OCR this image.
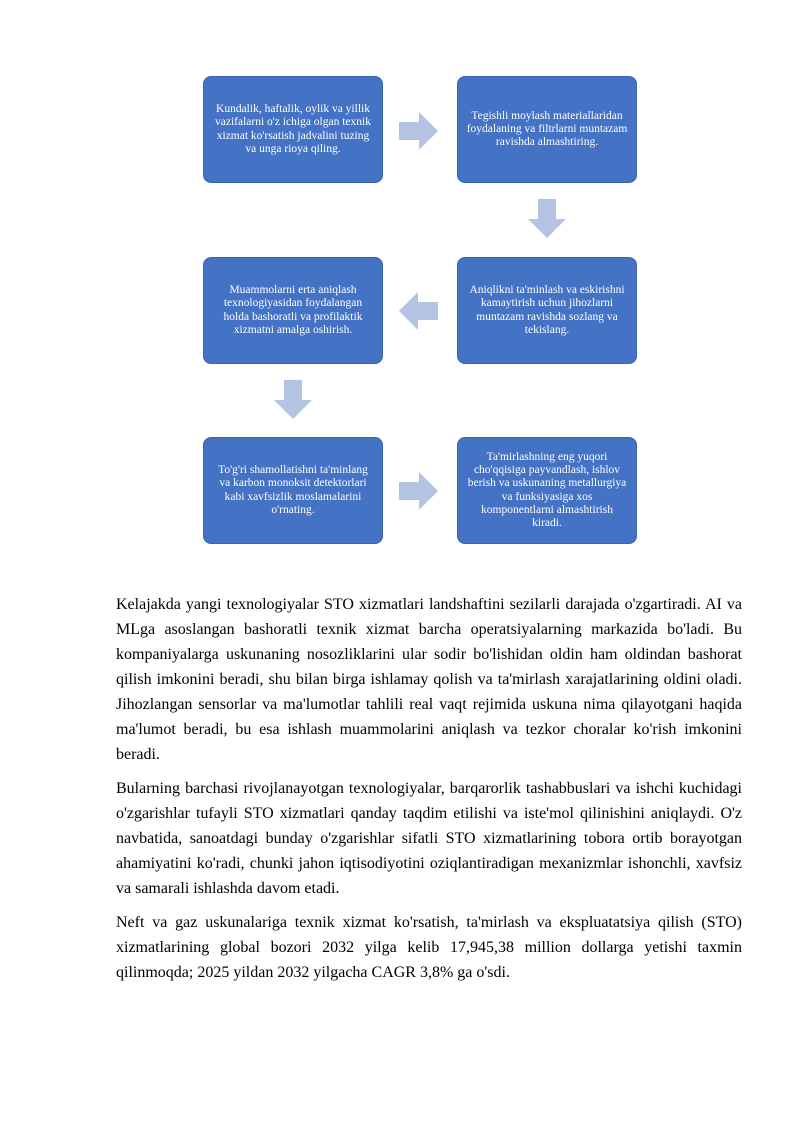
Kundalik, haftalik, oylik va yillik vazifalarni o'z ichiga olgan texnik xizmat ko'rsatish jadvalini tuzing va unga rioya qiling.
Tegishli moylash materiallaridan foydalaning va filtrlarni muntazam ravishda almashtiring.
Aniqlikni ta'minlash va eskirishni kamaytirish uchun jihozlarni muntazam ravishda sozlang va tekislang.
Muammolarni erta aniqlash texnologiyasidan foydalangan holda bashoratli va profilaktik xizmatni amalga oshirish.
To'g'ri shamollatishni ta'minlang va karbon monoksit detektorlari kabi xavfsizlik moslamalarini o'rnating.
Ta'mirlashning eng yuqori cho'qqisiga payvandlash, ishlov berish va uskunaning metallurgiya va funksiyasiga xos komponentlarni almashtirish kiradi.

Kelajakda yangi texnologiyalar STO xizmatlari landshaftini sezilarli darajada o'zgartiradi. AI va MLga asoslangan bashoratli texnik xizmat barcha operatsiyalarning markazida bo'ladi. Bu kompaniyalarga uskunaning nosozliklarini ular sodir bo'lishidan oldin ham oldindan bashorat qilish imkonini beradi, shu bilan birga ishlamay qolish va ta'mirlash xarajatlarining oldini oladi. Jihozlangan sensorlar va ma'lumotlar tahlili real vaqt rejimida uskuna nima qilayotgani haqida ma'lumot beradi, bu esa ishlash muammolarini aniqlash va tezkor choralar ko'rish imkonini beradi.

Bularning barchasi rivojlanayotgan texnologiyalar, barqarorlik tashabbuslari va ishchi kuchidagi o'zgarishlar tufayli STO xizmatlari qanday taqdim etilishi va iste'mol qilinishini aniqlaydi. O'z navbatida, sanoatdagi bunday o'zgarishlar sifatli STO xizmatlarining tobora ortib borayotgan ahamiyatini ko'radi, chunki jahon iqtisodiyotini oziqlantiradigan mexanizmlar ishonchli, xavfsiz va samarali ishlashda davom etadi.

Neft va gaz uskunalariga texnik xizmat ko'rsatish, ta'mirlash va ekspluatatsiya qilish (STO) xizmatlarining global bozori 2032 yilga kelib 17,945,38 million dollarga yetishi taxmin qilinmoqda; 2025 yildan 2032 yilgacha CAGR 3,8% ga o'sdi.
